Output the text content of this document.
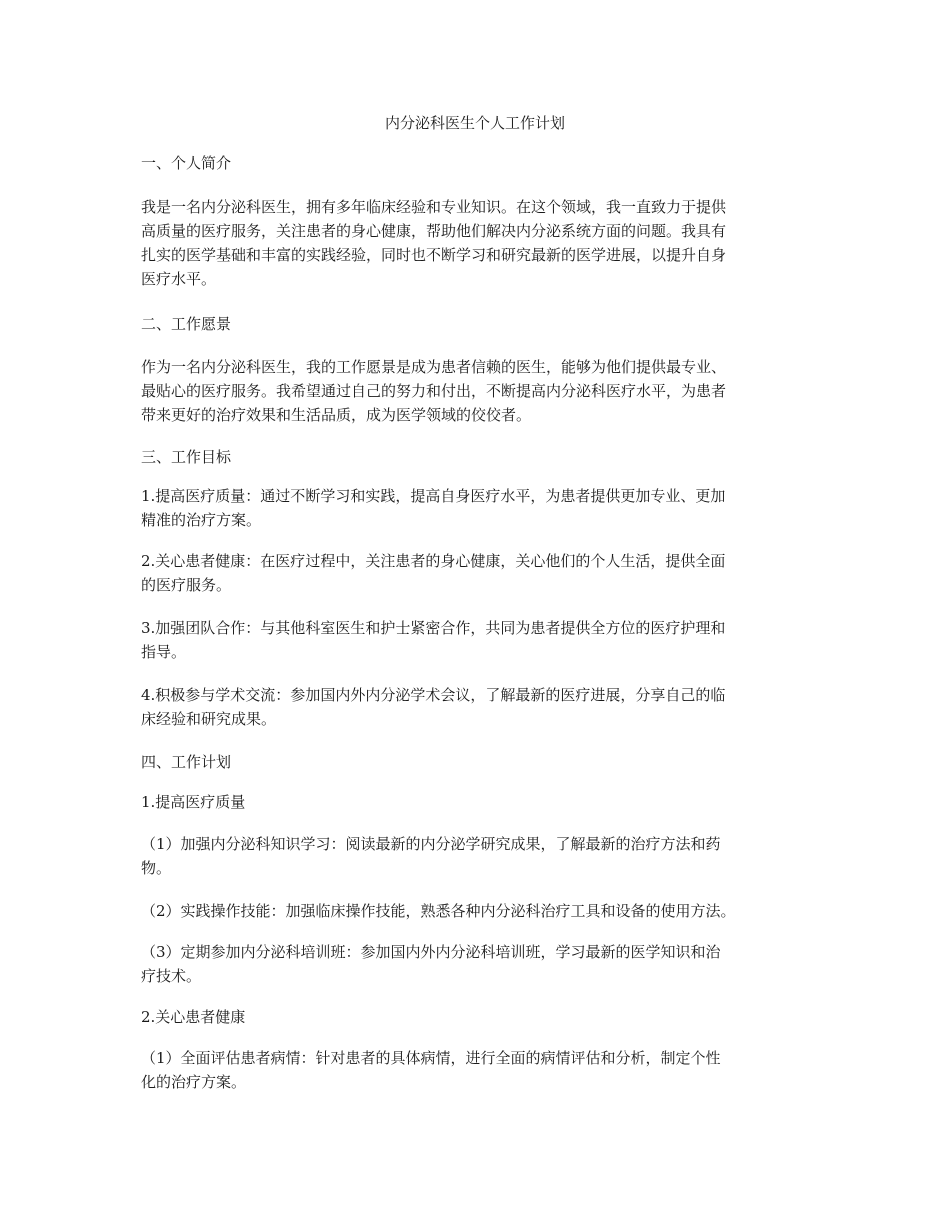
内分泌科医生个人工作计划

一、个人简介

我是一名内分泌科医生，拥有多年临床经验和专业知识。在这个领域，我一直致力于提供
高质量的医疗服务，关注患者的身心健康，帮助他们解决内分泌系统方面的问题。我具有
扎实的医学基础和丰富的实践经验，同时也不断学习和研究最新的医学进展，以提升自身
医疗水平。

二、工作愿景

作为一名内分泌科医生，我的工作愿景是成为患者信赖的医生，能够为他们提供最专业、
最贴心的医疗服务。我希望通过自己的努力和付出，不断提高内分泌科医疗水平，为患者
带来更好的治疗效果和生活品质，成为医学领域的佼佼者。

三、工作目标

1.提高医疗质量：通过不断学习和实践，提高自身医疗水平，为患者提供更加专业、更加
精准的治疗方案。

2.关心患者健康：在医疗过程中，关注患者的身心健康，关心他们的个人生活，提供全面
的医疗服务。

3.加强团队合作：与其他科室医生和护士紧密合作，共同为患者提供全方位的医疗护理和
指导。

4.积极参与学术交流：参加国内外内分泌学术会议，了解最新的医疗进展，分享自己的临
床经验和研究成果。

四、工作计划

1.提高医疗质量

（1）加强内分泌科知识学习：阅读最新的内分泌学研究成果，了解最新的治疗方法和药
物。

（2）实践操作技能：加强临床操作技能，熟悉各种内分泌科治疗工具和设备的使用方法。

（3）定期参加内分泌科培训班：参加国内外内分泌科培训班，学习最新的医学知识和治
疗技术。

2.关心患者健康

（1）全面评估患者病情：针对患者的具体病情，进行全面的病情评估和分析，制定个性
化的治疗方案。
